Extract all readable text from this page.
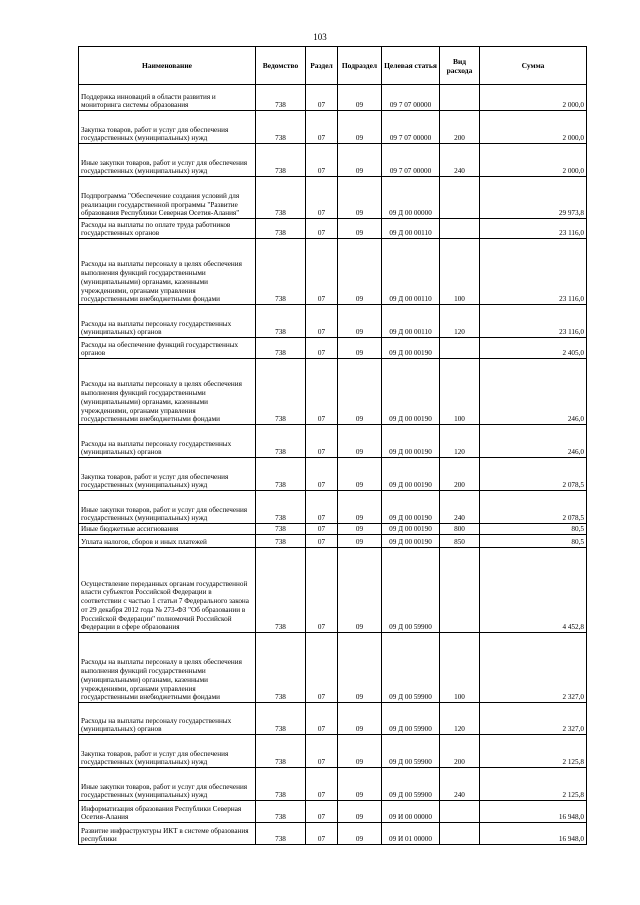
103
Наименование	Ведомство	Раздел	Подраздел	Целевая статья	Вид расхода	Сумма
Поддержка инноваций в области развития и мониторинга системы образования	738	07	09	09 7 07 00000		2 000,0
Закупка товаров, работ и услуг для обеспечения государственных (муниципальных) нужд	738	07	09	09 7 07 00000	200	2 000,0
Иные закупки товаров, работ и услуг для обеспечения государственных (муниципальных) нужд	738	07	09	09 7 07 00000	240	2 000,0
Подпрограмма "Обеспечение создания условий для реализации государственной программы "Развитие образования Республики Северная Осетия-Алания"	738	07	09	09 Д 00 00000		29 973,8
Расходы на выплаты по оплате труда работников государственных органов	738	07	09	09 Д 00 00110		23 116,0
Расходы на выплаты персоналу в целях обеспечения выполнения функций государственными (муниципальными) органами, казенными учреждениями, органами управления государственными внебюджетными фондами	738	07	09	09 Д 00 00110	100	23 116,0
Расходы на выплаты персоналу государственных (муниципальных) органов	738	07	09	09 Д 00 00110	120	23 116,0
Расходы на обеспечение функций государственных органов	738	07	09	09 Д 00 00190		2 405,0
Расходы на выплаты персоналу в целях обеспечения выполнения функций государственными (муниципальными) органами, казенными учреждениями, органами управления государственными внебюджетными фондами	738	07	09	09 Д 00 00190	100	246,0
Расходы на выплаты персоналу государственных (муниципальных) органов	738	07	09	09 Д 00 00190	120	246,0
Закупка товаров, работ и услуг для обеспечения государственных (муниципальных) нужд	738	07	09	09 Д 00 00190	200	2 078,5
Иные закупки товаров, работ и услуг для обеспечения государственных (муниципальных) нужд	738	07	09	09 Д 00 00190	240	2 078,5
Иные бюджетные ассигнования	738	07	09	09 Д 00 00190	800	80,5
Уплата налогов, сборов и иных платежей	738	07	09	09 Д 00 00190	850	80,5
Осуществление переданных органам государственной власти субъектов Российской Федерации в соответствии с частью 1 статьи 7 Федерального закона от 29 декабря 2012 года № 273-ФЗ "Об образовании в Российской Федерации" полномочий Российской Федерации в сфере образования	738	07	09	09 Д 00 59900		4 452,8
Расходы на выплаты персоналу в целях обеспечения выполнения функций государственными (муниципальными) органами, казенными учреждениями, органами управления государственными внебюджетными фондами	738	07	09	09 Д 00 59900	100	2 327,0
Расходы на выплаты персоналу государственных (муниципальных) органов	738	07	09	09 Д 00 59900	120	2 327,0
Закупка товаров, работ и услуг для обеспечения государственных (муниципальных) нужд	738	07	09	09 Д 00 59900	200	2 125,8
Иные закупки товаров, работ и услуг для обеспечения государственных (муниципальных) нужд	738	07	09	09 Д 00 59900	240	2 125,8
Информатизация образования Республики Северная Осетия-Алания	738	07	09	09 И 00 00000		16 948,0
Развитие инфраструктуры ИКТ в системе образования республики	738	07	09	09 И 01 00000		16 948,0
